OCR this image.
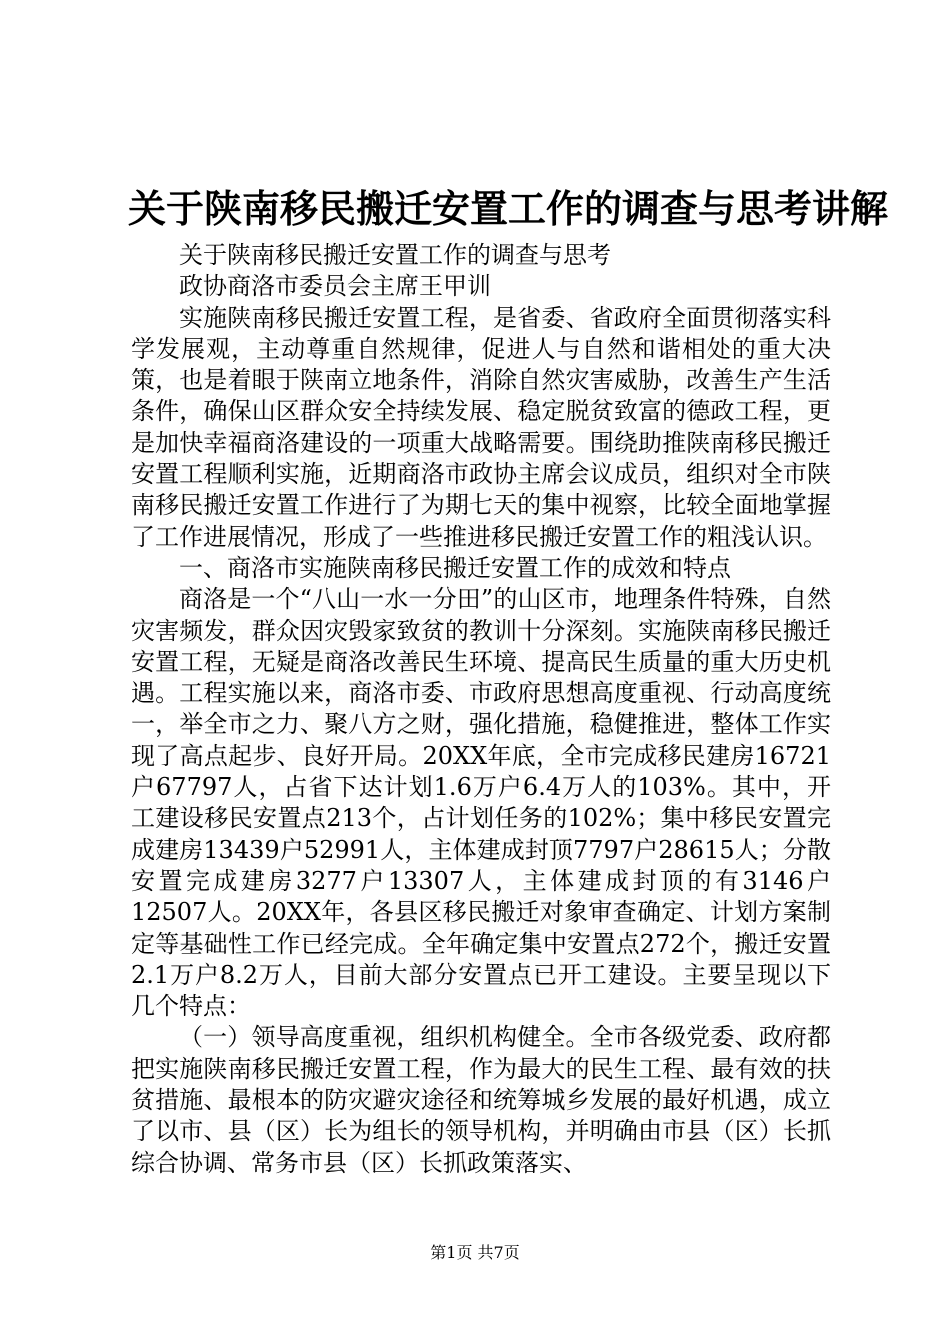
关于陕南移民搬迁安置工作的调查与思考讲解

关于陕南移民搬迁安置工作的调查与思考

政协商洛市委员会主席王甲训

实施陕南移民搬迁安置工程，是省委、省政府全面贯彻落实科学发展观，主动尊重自然规律，促进人与自然和谐相处的重大决策，也是着眼于陕南立地条件，消除自然灾害威胁，改善生产生活条件，确保山区群众安全持续发展、稳定脱贫致富的德政工程，更是加快幸福商洛建设的一项重大战略需要。围绕助推陕南移民搬迁安置工程顺利实施，近期商洛市政协主席会议成员，组织对全市陕南移民搬迁安置工作进行了为期七天的集中视察，比较全面地掌握了工作进展情况，形成了一些推进移民搬迁安置工作的粗浅认识。

一、商洛市实施陕南移民搬迁安置工作的成效和特点

商洛是一个“八山一水一分田”的山区市，地理条件特殊，自然灾害频发，群众因灾毁家致贫的教训十分深刻。实施陕南移民搬迁安置工程，无疑是商洛改善民生环境、提高民生质量的重大历史机遇。工程实施以来，商洛市委、市政府思想高度重视、行动高度统一，举全市之力、聚八方之财，强化措施，稳健推进，整体工作实现了高点起步、良好开局。20XX年底，全市完成移民建房16721户67797人，占省下达计划1.6万户6.4万人的103%。其中，开工建设移民安置点213个，占计划任务的102%；集中移民安置完成建房13439户52991人，主体建成封顶7797户28615人；分散安置完成建房3277户13307人，主体建成封顶的有3146户12507人。20XX年，各县区移民搬迁对象审查确定、计划方案制定等基础性工作已经完成。全年确定集中安置点272个，搬迁安置2.1万户8.2万人，目前大部分安置点已开工建设。主要呈现以下几个特点：

（一）领导高度重视，组织机构健全。全市各级党委、政府都把实施陕南移民搬迁安置工程，作为最大的民生工程、最有效的扶贫措施、最根本的防灾避灾途径和统筹城乡发展的最好机遇，成立了以市、县（区）长为组长的领导机构，并明确由市县（区）长抓综合协调、常务市县（区）长抓政策落实、

第1页 共7页
